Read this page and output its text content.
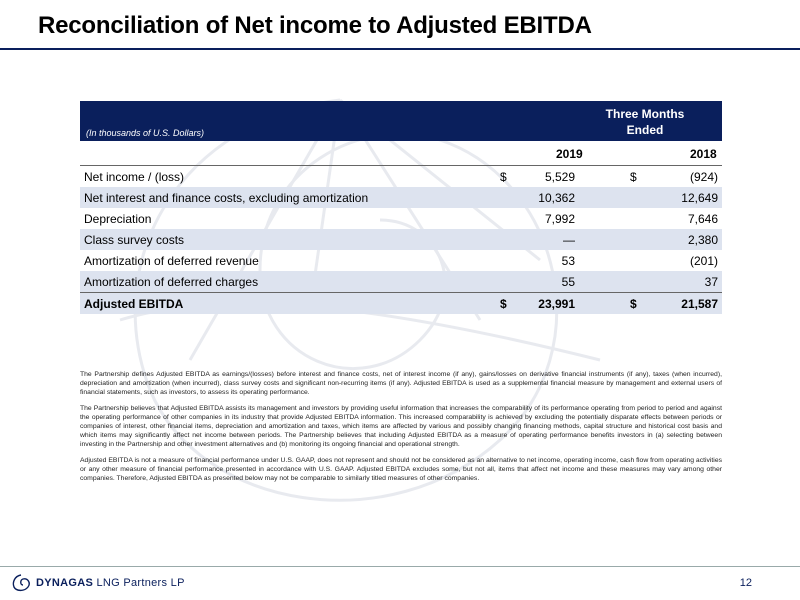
Reconciliation of Net income to Adjusted EBITDA
(In thousands of U.S. Dollars)
Three Months Ended
December 31,
2019	2018
Net income / (loss)	$	5,529	$	(924)
Net interest and finance costs, excluding amortization	10,362	12,649
Depreciation	7,992	7,646
Class survey costs	—	2,380
Amortization of deferred revenue	53	(201)
Amortization of deferred charges	55	37
Adjusted EBITDA	$	23,991	$	21,587

The Partnership defines Adjusted EBITDA as earnings/(losses) before interest and finance costs, net of interest income (if any), gains/losses on derivative financial instruments (if any), taxes (when incurred), depreciation and amortization (when incurred), class survey costs and significant non-recurring items (if any). Adjusted EBITDA is used as a supplemental financial measure by management and external users of financial statements, such as investors, to assess its operating performance.

The Partnership believes that Adjusted EBITDA assists its management and investors by providing useful information that increases the comparability of its performance operating from period to period and against the operating performance of other companies in its industry that provide Adjusted EBITDA information. This increased comparability is achieved by excluding the potentially disparate effects between periods or companies of interest, other financial items, depreciation and amortization and taxes, which items are affected by various and possibly changing financing methods, capital structure and historical cost basis and which items may significantly affect net income between periods. The Partnership believes that including Adjusted EBITDA as a measure of operating performance benefits investors in (a) selecting between investing in the Partnership and other investment alternatives and (b) monitoring its ongoing financial and operational strength.

Adjusted EBITDA is not a measure of financial performance under U.S. GAAP, does not represent and should not be considered as an alternative to net income, operating income, cash flow from operating activities or any other measure of financial performance presented in accordance with U.S. GAAP. Adjusted EBITDA excludes some, but not all, items that affect net income and these measures may vary among other companies. Therefore, Adjusted EBITDA as presented below may not be comparable to similarly titled measures of other companies.

DYNAGAS LNG Partners LP	12
